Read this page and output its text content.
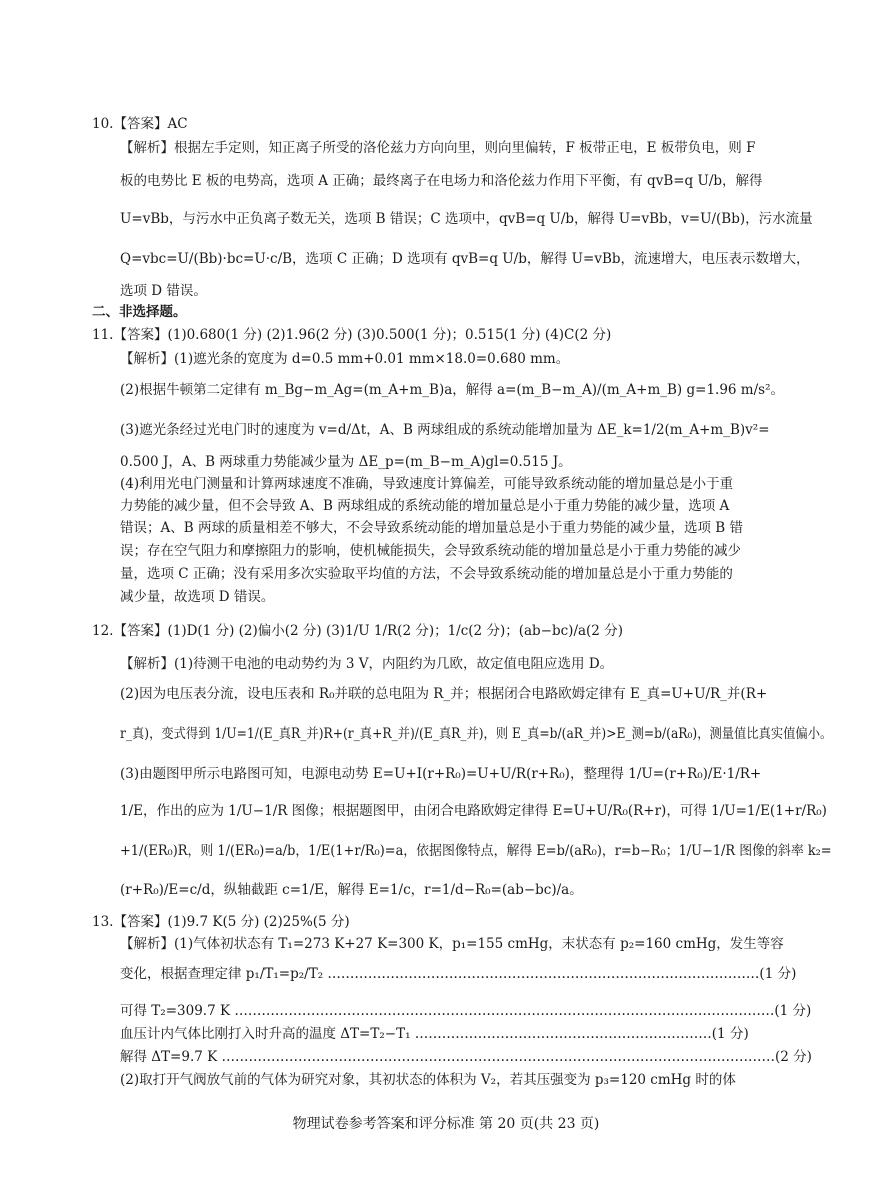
10.【答案】AC
【解析】根据左手定则，知正离子所受的洛伦兹力方向向里，则向里偏转，F 板带正电，E 板带负电，则 F
板的电势比 E 板的电势高，选项 A 正确；最终离子在电场力和洛伦兹力作用下平衡，有 qvB=q U/b，解得
U=vBb，与污水中正负离子数无关，选项 B 错误；C 选项中，qvB=q U/b，解得 U=vBb，v=U/(Bb)，污水流量
Q=vbc=U/(Bb)·bc=U·c/B，选项 C 正确；D 选项有 qvB=q U/b，解得 U=vBb，流速增大，电压表示数增大，
选项 D 错误。
二、非选择题。
11.【答案】(1)0.680(1 分) (2)1.96(2 分) (3)0.500(1 分)；0.515(1 分) (4)C(2 分)
【解析】(1)遮光条的宽度为 d=0.5 mm+0.01 mm×18.0=0.680 mm。
(2)根据牛顿第二定律有 m_Bg−m_Ag=(m_A+m_B)a，解得 a=(m_B−m_A)/(m_A+m_B) g=1.96 m/s²。
(3)遮光条经过光电门时的速度为 v=d/Δt，A、B 两球组成的系统动能增加量为 ΔE_k=1/2(m_A+m_B)v²=
0.500 J，A、B 两球重力势能减少量为 ΔE_p=(m_B−m_A)gl=0.515 J。
(4)利用光电门测量和计算两球速度不准确，导致速度计算偏差，可能导致系统动能的增加量总是小于重
力势能的减少量，但不会导致 A、B 两球组成的系统动能的增加量总是小于重力势能的减少量，选项 A
错误；A、B 两球的质量相差不够大，不会导致系统动能的增加量总是小于重力势能的减少量，选项 B 错
误；存在空气阻力和摩擦阻力的影响，使机械能损失，会导致系统动能的增加量总是小于重力势能的减少
量，选项 C 正确；没有采用多次实验取平均值的方法，不会导致系统动能的增加量总是小于重力势能的
减少量，故选项 D 错误。
12.【答案】(1)D(1 分) (2)偏小(2 分) (3)1/U 1/R(2 分)；1/c(2 分)；(ab−bc)/a(2 分)
【解析】(1)待测干电池的电动势约为 3 V，内阻约为几欧，故定值电阻应选用 D。
(2)因为电压表分流，设电压表和 R₀并联的总电阻为 R_并；根据闭合电路欧姆定律有 E_真=U+U/R_并(R+
r_真)，变式得到 1/U=1/(E_真R_并)R+(r_真+R_并)/(E_真R_并)，则 E_真=b/(aR_并)>E_测=b/(aR₀)，测量值比真实值偏小。
(3)由题图甲所示电路图可知，电源电动势 E=U+I(r+R₀)=U+U/R(r+R₀)，整理得 1/U=(r+R₀)/E·1/R+
1/E，作出的应为 1/U−1/R 图像；根据题图甲，由闭合电路欧姆定律得 E=U+U/R₀(R+r)，可得 1/U=1/E(1+r/R₀)
+1/(ER₀)R，则 1/(ER₀)=a/b，1/E(1+r/R₀)=a，依据图像特点，解得 E=b/(aR₀)，r=b−R₀；1/U−1/R 图像的斜率 k₂=
(r+R₀)/E=c/d，纵轴截距 c=1/E，解得 E=1/c，r=1/d−R₀=(ab−bc)/a。
13.【答案】(1)9.7 K(5 分) (2)25%(5 分)
【解析】(1)气体初状态有 T₁=273 K+27 K=300 K，p₁=155 cmHg，末状态有 p₂=160 cmHg，发生等容
变化，根据查理定律 p₁/T₁=p₂/T₂ ……………………………………………………………………………………(1 分)
可得 T₂=309.7 K …………………………………………………………………………………………………………(1 分)
血压计内气体比刚打入时升高的温度 ΔT=T₂−T₁ …………………………………………………………(1 分)
解得 ΔT=9.7 K ……………………………………………………………………………………………………………(2 分)
(2)取打开气阀放气前的气体为研究对象，其初状态的体积为 V₂，若其压强变为 p₃=120 cmHg 时的体
物理试卷参考答案和评分标准 第 20 页(共 23 页)
